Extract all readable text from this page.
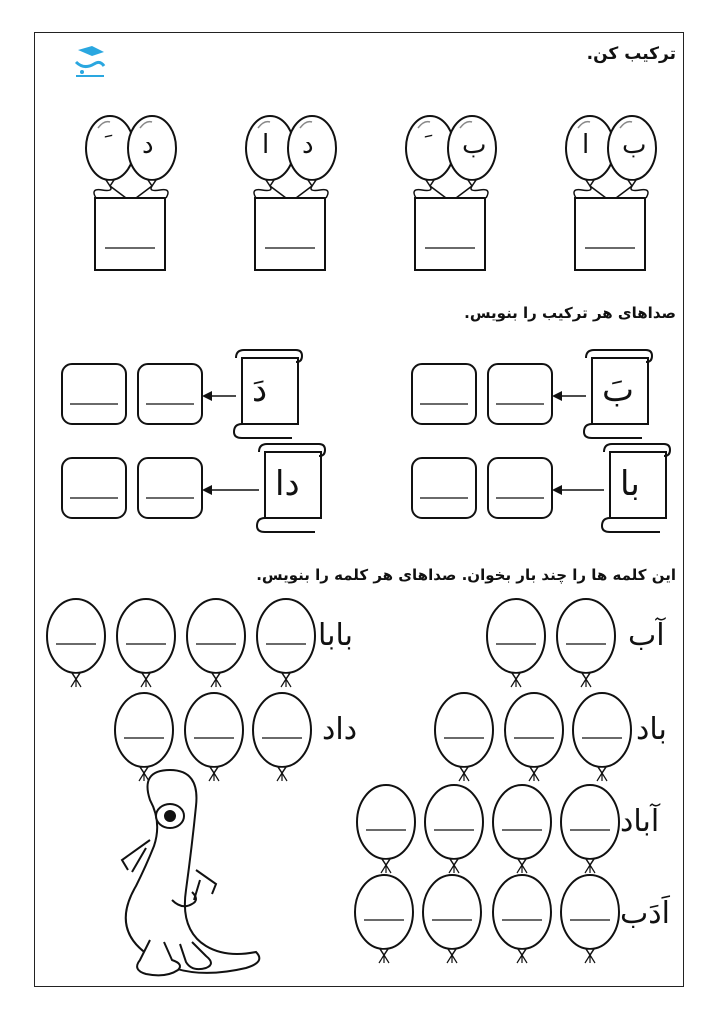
ترکیب کن.
صداهای هر ترکیب را بنویس.
این کلمه ها را چند بار بخوان. صداهای هر کلمه را بنویس.
ب
ا
ب
د
ا
د
بَ
دَ
با
دا
آب
بابا
باد
داد
آباد
اَدَب
